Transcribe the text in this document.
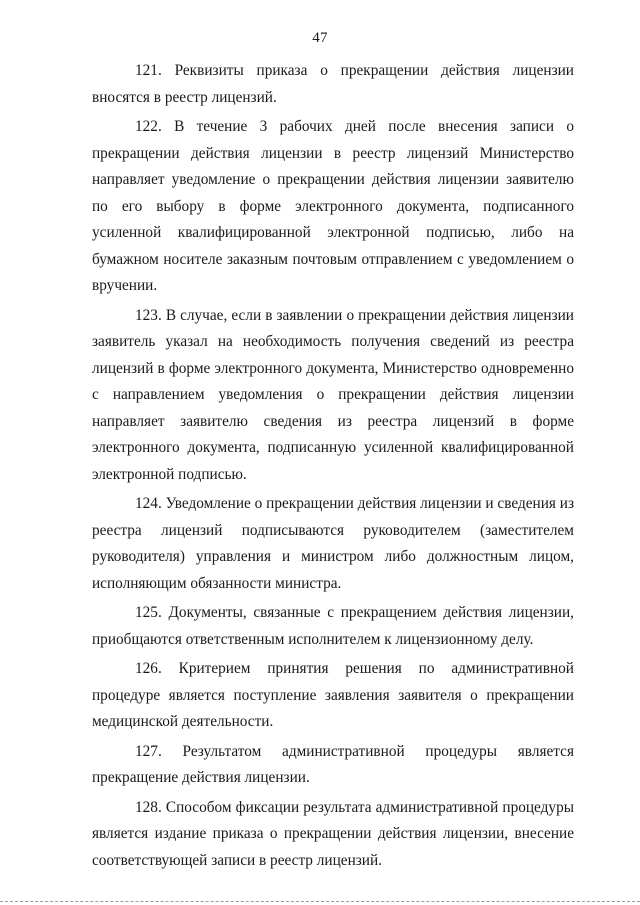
47

121. Реквизиты приказа о прекращении действия лицензии вносятся в реестр лицензий.

122. В течение 3 рабочих дней после внесения записи о прекращении действия лицензии в реестр лицензий Министерство направляет уведомление о прекращении действия лицензии заявителю по его выбору в форме электронного документа, подписанного усиленной квалифицированной электронной подписью, либо на бумажном носителе заказным почтовым отправлением с уведомлением о вручении.

123. В случае, если в заявлении о прекращении действия лицензии заявитель указал на необходимость получения сведений из реестра лицензий в форме электронного документа, Министерство одновременно с направлением уведомления о прекращении действия лицензии направляет заявителю сведения из реестра лицензий в форме электронного документа, подписанную усиленной квалифицированной электронной подписью.

124. Уведомление о прекращении действия лицензии и сведения из реестра лицензий подписываются руководителем (заместителем руководителя) управления и министром либо должностным лицом, исполняющим обязанности министра.

125. Документы, связанные с прекращением действия лицензии, приобщаются ответственным исполнителем к лицензионному делу.

126. Критерием принятия решения по административной процедуре является поступление заявления заявителя о прекращении медицинской деятельности.

127. Результатом административной процедуры является прекращение действия лицензии.

128. Способом фиксации результата административной процедуры является издание приказа о прекращении действия лицензии, внесение соответствующей записи в реестр лицензий.
